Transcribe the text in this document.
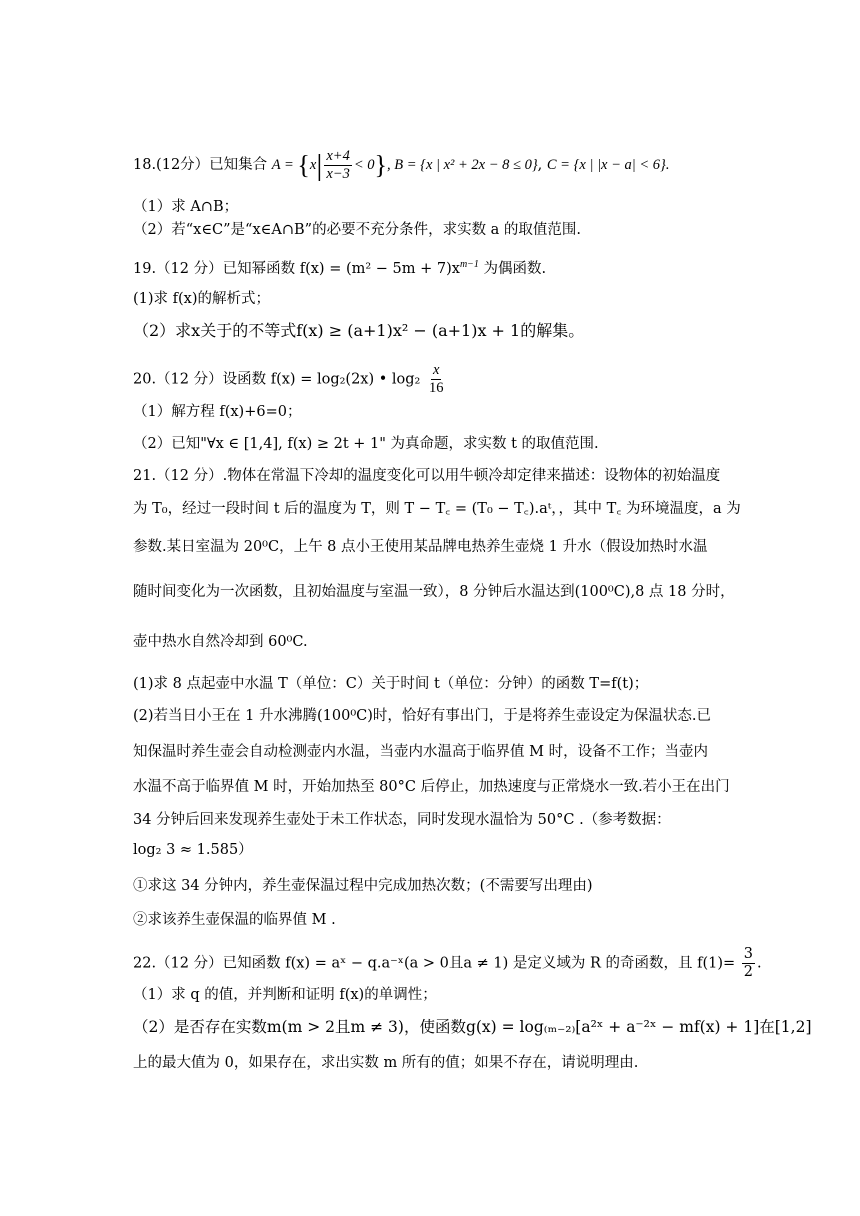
18.(12分）已知集合 $A = \{x| \frac{x+4}{x-3} < 0\}$, B = {x | x² + 2x − 8 ≤ 0}, C = {x | |x − a| < 6}.
（1）求 A∩B；
（2）若“x∈C”是“x∈A∩B”的必要不充分条件，求实数 a 的取值范围.
19.（12 分）已知幂函数 $f(x) = (m^2 - 5m + 7)x^{m-1}$ 为偶函数.
(1)求 f(x)的解析式；
（2）求x关于的不等式f(x) ≥ (a+1)x² − (a+1)x + 1的解集。
20.（12 分）设函数 f(x) = log₂(2x) • $\log_2 \frac{x}{16}$
（1）解方程 f(x)+6=0；
（2）已知"∀x ∈ [1,4], f(x) ≥ 2t + 1" 为真命题，求实数 t 的取值范围.
21.（12 分）.物体在常温下冷却的温度变化可以用牛顿冷却定律来描述：设物体的初始温度
为 T₀，经过一段时间 t 后的温度为 T，则 T − T꜀ = (T₀ − T꜀).aᵗ，，其中 T꜀ 为环境温度，a 为
参数.某日室温为 20⁰C，上午 8 点小王使用某品牌电热养生壶烧 1 升水（假设加热时水温
随时间变化为一次函数，且初始温度与室温一致），8 分钟后水温达到(100⁰C),8 点 18 分时，
壶中热水自然冷却到 60⁰C.
(1)求 8 点起壶中水温 T（单位：C）关于时间 t（单位：分钟）的函数 T=f(t)；
(2)若当日小王在 1 升水沸腾(100⁰C)时，恰好有事出门，于是将养生壶设定为保温状态.已
知保温时养生壶会自动检测壶内水温，当壶内水温高于临界值 M 时，设备不工作；当壶内
水温不高于临界值 M 时，开始加热至 80°C 后停止，加热速度与正常烧水一致.若小王在出门
34 分钟后回来发现养生壶处于未工作状态，同时发现水温恰为 50°C .（参考数据：
log₂ 3 ≈ 1.585）
①求这 34 分钟内，养生壶保温过程中完成加热次数；(不需要写出理由)
②求该养生壶保温的临界值 M .
22.（12 分）已知函数 f(x) = aˣ − q.a⁻ˣ(a > 0且a ≠ 1) 是定义域为 R 的奇函数，且 $f(1)= \frac{3}{2}$ .
（1）求 q 的值，并判断和证明 f(x)的单调性；
（2）是否存在实数m(m > 2且m ≠ 3)，使函数g(x) = log₍ₘ₋₂₎[a²ˣ + a⁻²ˣ − mf(x) + 1]在[1,2]
上的最大值为 0，如果存在，求出实数 m 所有的值；如果不存在，请说明理由.
